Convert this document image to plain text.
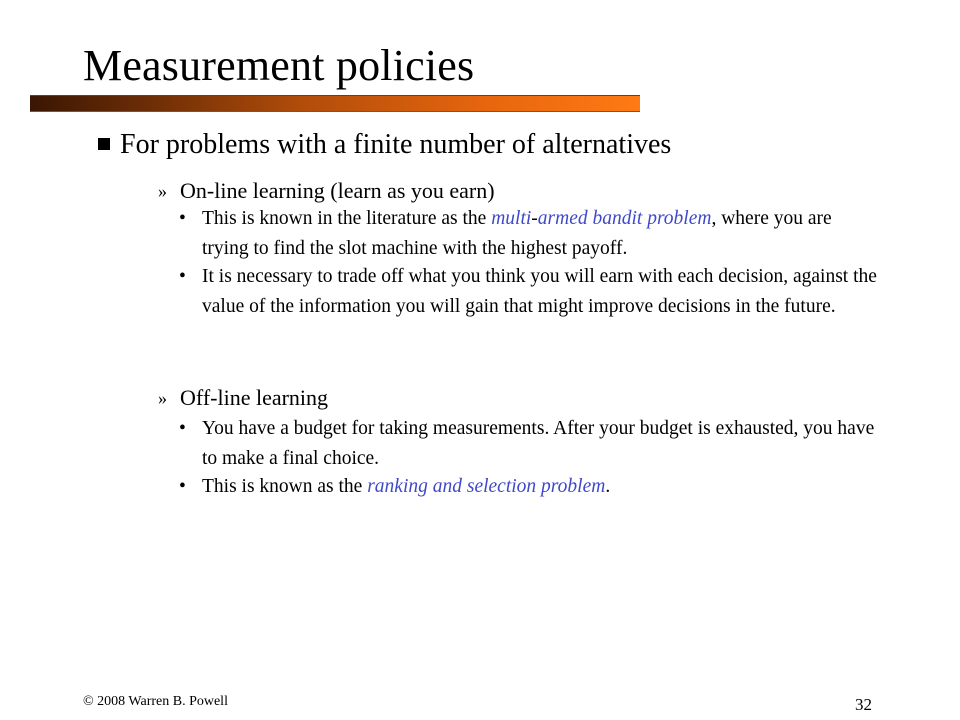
Measurement policies
For problems with a finite number of alternatives
» On-line learning (learn as you earn)
• This is known in the literature as the multi-armed bandit problem, where you are trying to find the slot machine with the highest payoff.
• It is necessary to trade off what you think you will earn with each decision, against the value of the information you will gain that might improve decisions in the future.
» Off-line learning
• You have a budget for taking measurements. After your budget is exhausted, you have to make a final choice.
• This is known as the ranking and selection problem.
© 2008 Warren B. Powell	32
